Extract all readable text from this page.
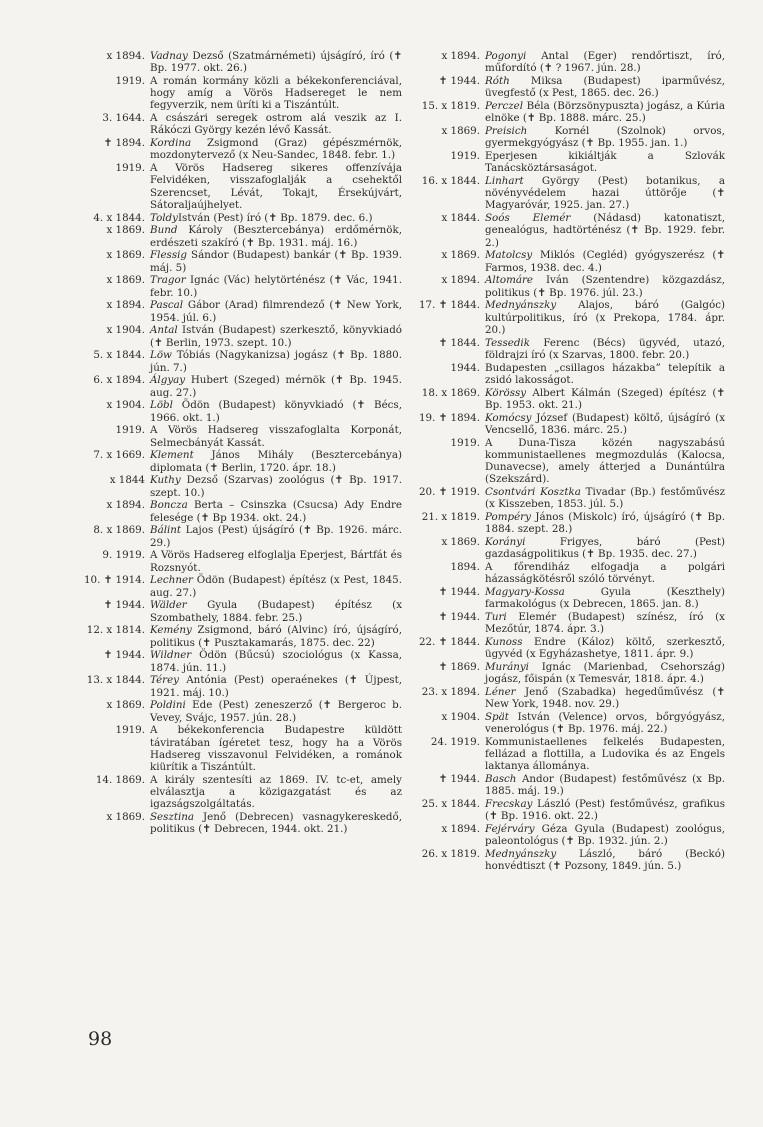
x 1894. Vadnay Dezső (Szatmárnémeti) újságíró, író (✝ Bp. 1977. okt. 26.)
1919. A román kormány közli a békekonferenciával, hogy amíg a Vörös Hadsereget le nem fegyverzik, nem üríti ki a Tiszántúlt.
3. 1644. A császári seregek ostrom alá veszik az I. Rákóczi György kezén lévő Kassát.
✝ 1894. Kordina Zsigmond (Graz) gépészmérnök, mozdonytervező (x Neu-Sandec, 1848. febr. 1.)
1919. A Vörös Hadsereg sikeres offenzívája Felvidéken, visszafoglalják a csehektől Szerencset, Lévát, Tokajt, Érsekújvárt, Sátoraljaújhelyet.
4. x 1844. ToldyIstván (Pest) író (✝ Bp. 1879. dec. 6.)
x 1869. Bund Károly (Besztercebánya) erdőmérnök, erdészeti szakíró (✝ Bp. 1931. máj. 16.)
x 1869. Flessig Sándor (Budapest) bankár (✝ Bp. 1939. máj. 5)
x 1869. Tragor Ignác (Vác) helytörténész (✝ Vác, 1941. febr. 10.)
x 1894. Pascal Gábor (Arad) filmrendező (✝ New York, 1954. júl. 6.)
x 1904. Antal István (Budapest) szerkesztő, könyvkiadó (✝ Berlin, 1973. szept. 10.)
5. x 1844. Löw Tóbiás (Nagykanizsa) jogász (✝ Bp. 1880. jún. 7.)
6. x 1894. Álgyay Hubert (Szeged) mérnök (✝ Bp. 1945. aug. 27.)
x 1904. Löbl Ödön (Budapest) könyvkiadó (✝ Bécs, 1966. okt. 1.)
1919. A Vörös Hadsereg visszafoglalta Korponát, Selmecbányát Kassát.
7. x 1669. Klement János Mihály (Besztercebánya) diplomata (✝ Berlin, 1720. ápr. 18.)
x 1844 Kuthy Dezső (Szarvas) zoológus (✝ Bp. 1917. szept. 10.)
x 1894. Boncza Berta – Csinszka (Csucsa) Ady Endre felesége (✝ Bp 1934. okt. 24.)
8. x 1869. Bálint Lajos (Pest) újságíró (✝ Bp. 1926. márc. 29.)
9. 1919. A Vörös Hadsereg elfoglalja Eperjest, Bártfát és Rozsnyót.
10. ✝ 1914. Lechner Ödön (Budapest) építész (x Pest, 1845. aug. 27.)
✝ 1944. Wälder Gyula (Budapest) építész (x Szombathely, 1884. febr. 25.)
12. x 1814. Kemény Zsigmond, báró (Alvinc) író, újságíró, politikus (✝ Pusztakamarás, 1875. dec. 22)
✝ 1944. Wildner Ödön (Bűcsú) szociológus (x Kassa, 1874. jún. 11.)
13. x 1844. Térey Antónia (Pest) operaénekes (✝ Újpest, 1921. máj. 10.)
x 1869. Poldini Ede (Pest) zeneszerző (✝ Bergeroc b. Vevey, Svájc, 1957. jún. 28.)
1919. A békekonferencia Budapestre küldött táviratában ígéretet tesz, hogy ha a Vörös Hadsereg visszavonul Felvidéken, a románok kiürítik a Tiszántúlt.
14. 1869. A király szentesíti az 1869. IV. tc-et, amely elválasztja a közigazgatást és az igazságszolgáltatás.
x 1869. Sesztina Jenő (Debrecen) vasnagykereskedő, politikus (✝ Debrecen, 1944. okt. 21.)
x 1894. Pogonyi Antal (Eger) rendőrtiszt, író, műfordító (✝ ? 1967. jún. 28.)
✝ 1944. Róth Miksa (Budapest) iparművész, üvegfestő (x Pest, 1865. dec. 26.)
15. x 1819. Perczel Béla (Börzsönypuszta) jogász, a Kúria elnöke (✝ Bp. 1888. márc. 25.)
x 1869. Preisich Kornél (Szolnok) orvos, gyermekgyógyász (✝ Bp. 1955. jan. 1.)
1919. Eperjesen kikiáltják a Szlovák Tanácsköztársaságot.
16. x 1844. Linhart György (Pest) botanikus, a növényvédelem hazai úttörője (✝ Magyaróvár, 1925. jan. 27.)
x 1844. Soós Elemér (Nádasd) katonatiszt, genealógus, hadtörténész (✝ Bp. 1929. febr. 2.)
x 1869. Matolcsy Miklós (Cegléd) gyógyszerész (✝ Farmos, 1938. dec. 4.)
x 1894. Altomáre Iván (Szentendre) közgazdász, politikus (✝ Bp. 1976. júl. 23.)
17. ✝ 1844. Mednyánszky Alajos, báró (Galgóc) kultúrpolitikus, író (x Prekopa, 1784. ápr. 20.)
✝ 1844. Tessedik Ferenc (Bécs) ügyvéd, utazó, földrajzi író (x Szarvas, 1800. febr. 20.)
1944. Budapesten „csillagos házakba” telepítik a zsidó lakosságot.
18. x 1869. Körössy Albert Kálmán (Szeged) építész (✝ Bp. 1953. okt. 21.)
19. ✝ 1894. Komócsy József (Budapest) költő, újságíró (x Vencsellő, 1836. márc. 25.)
1919. A Duna-Tisza közén nagyszabású kommunistaellenes megmozdulás (Kalocsa, Dunavecse), amely átterjed a Dunántúlra (Szekszárd).
20. ✝ 1919. Csontvári Kosztka Tivadar (Bp.) festőművész (x Kisszeben, 1853. júl. 5.)
21. x 1819. Pompéry János (Miskolc) író, újságíró (✝ Bp. 1884. szept. 28.)
x 1869. Korányi Frigyes, báró (Pest) gazdaságpolitikus (✝ Bp. 1935. dec. 27.)
1894. A főrendiház elfogadja a polgári házasságkötésről szóló törvényt.
✝ 1944. Magyary-Kossa Gyula (Keszthely) farmakológus (x Debrecen, 1865. jan. 8.)
✝ 1944. Turi Elemér (Budapest) színész, író (x Mezőtúr, 1874. ápr. 3.)
22. ✝ 1844. Kunoss Endre (Káloz) költő, szerkesztő, ügyvéd (x Egyházashetye, 1811. ápr. 9.)
✝ 1869. Murányi Ignác (Marienbad, Csehország) jogász, főispán (x Temesvár, 1818. ápr. 4.)
23. x 1894. Léner Jenő (Szabadka) hegedűművész (✝ New York, 1948. nov. 29.)
x 1904. Spät István (Velence) orvos, bőrgyógyász, venerológus (✝ Bp. 1976. máj. 22.)
24. 1919. Kommunistaellenes felkelés Budapesten, fellázad a flottilla, a Ludovika és az Engels laktanya állománya.
✝ 1944. Basch Andor (Budapest) festőművész (x Bp. 1885. máj. 19.)
25. x 1844. Frecskay László (Pest) festőművész, grafikus (✝ Bp. 1916. okt. 22.)
x 1894. Fejérváry Géza Gyula (Budapest) zoológus, paleontológus (✝ Bp. 1932. jún. 2.)
26. x 1819. Mednyánszky László, báró (Beckó) honvédtiszt (✝ Pozsony, 1849. jún. 5.)
98
